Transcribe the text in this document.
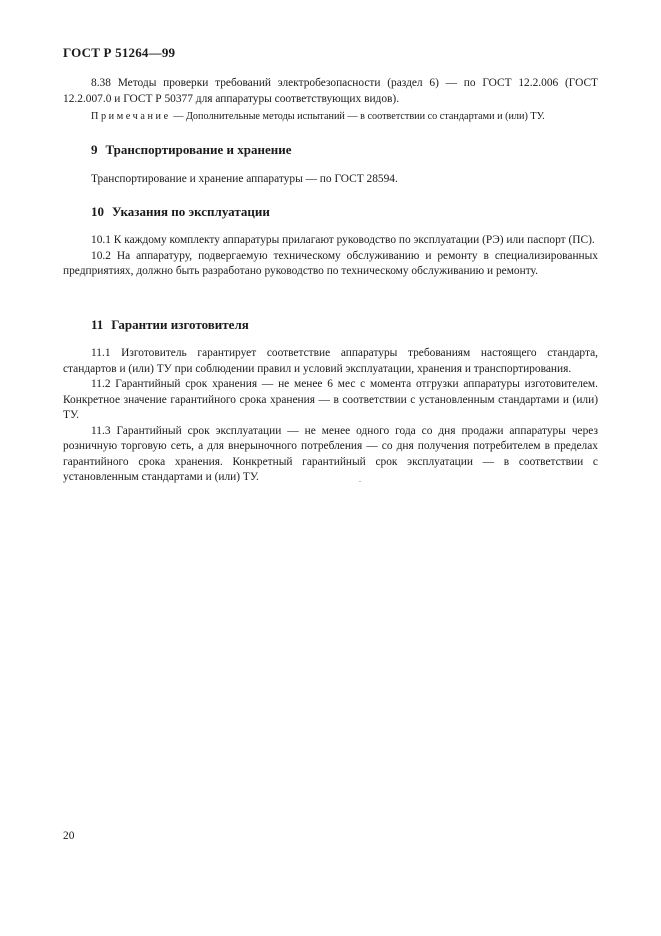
ГОСТ Р 51264—99

8.38 Методы проверки требований электробезопасности (раздел 6) — по ГОСТ 12.2.006 (ГОСТ 12.2.007.0 и ГОСТ Р 50377 для аппаратуры соответствующих видов).

Примечание — Дополнительные методы испытаний — в соответствии со стандартами и (или) ТУ.

9 Транспортирование и хранение

Транспортирование и хранение аппаратуры — по ГОСТ 28594.

10 Указания по эксплуатации

10.1 К каждому комплекту аппаратуры прилагают руководство по эксплуатации (РЭ) или паспорт (ПС).

10.2 На аппаратуру, подвергаемую техническому обслуживанию и ремонту в специализированных предприятиях, должно быть разработано руководство по техническому обслуживанию и ремонту.

11 Гарантии изготовителя

11.1 Изготовитель гарантирует соответствие аппаратуры требованиям настоящего стандарта, стандартов и (или) ТУ при соблюдении правил и условий эксплуатации, хранения и транспортирования.

11.2 Гарантийный срок хранения — не менее 6 мес с момента отгрузки аппаратуры изготовителем. Конкретное значение гарантийного срока хранения — в соответствии с установленным стандартами и (или) ТУ.

11.3 Гарантийный срок эксплуатации — не менее одного года со дня продажи аппаратуры через розничную торговую сеть, а для внерыночного потребления — со дня получения потребителем в пределах гарантийного срока хранения. Конкретный гарантийный срок эксплуатации — в соответствии с установленным стандартами и (или) ТУ.

20
